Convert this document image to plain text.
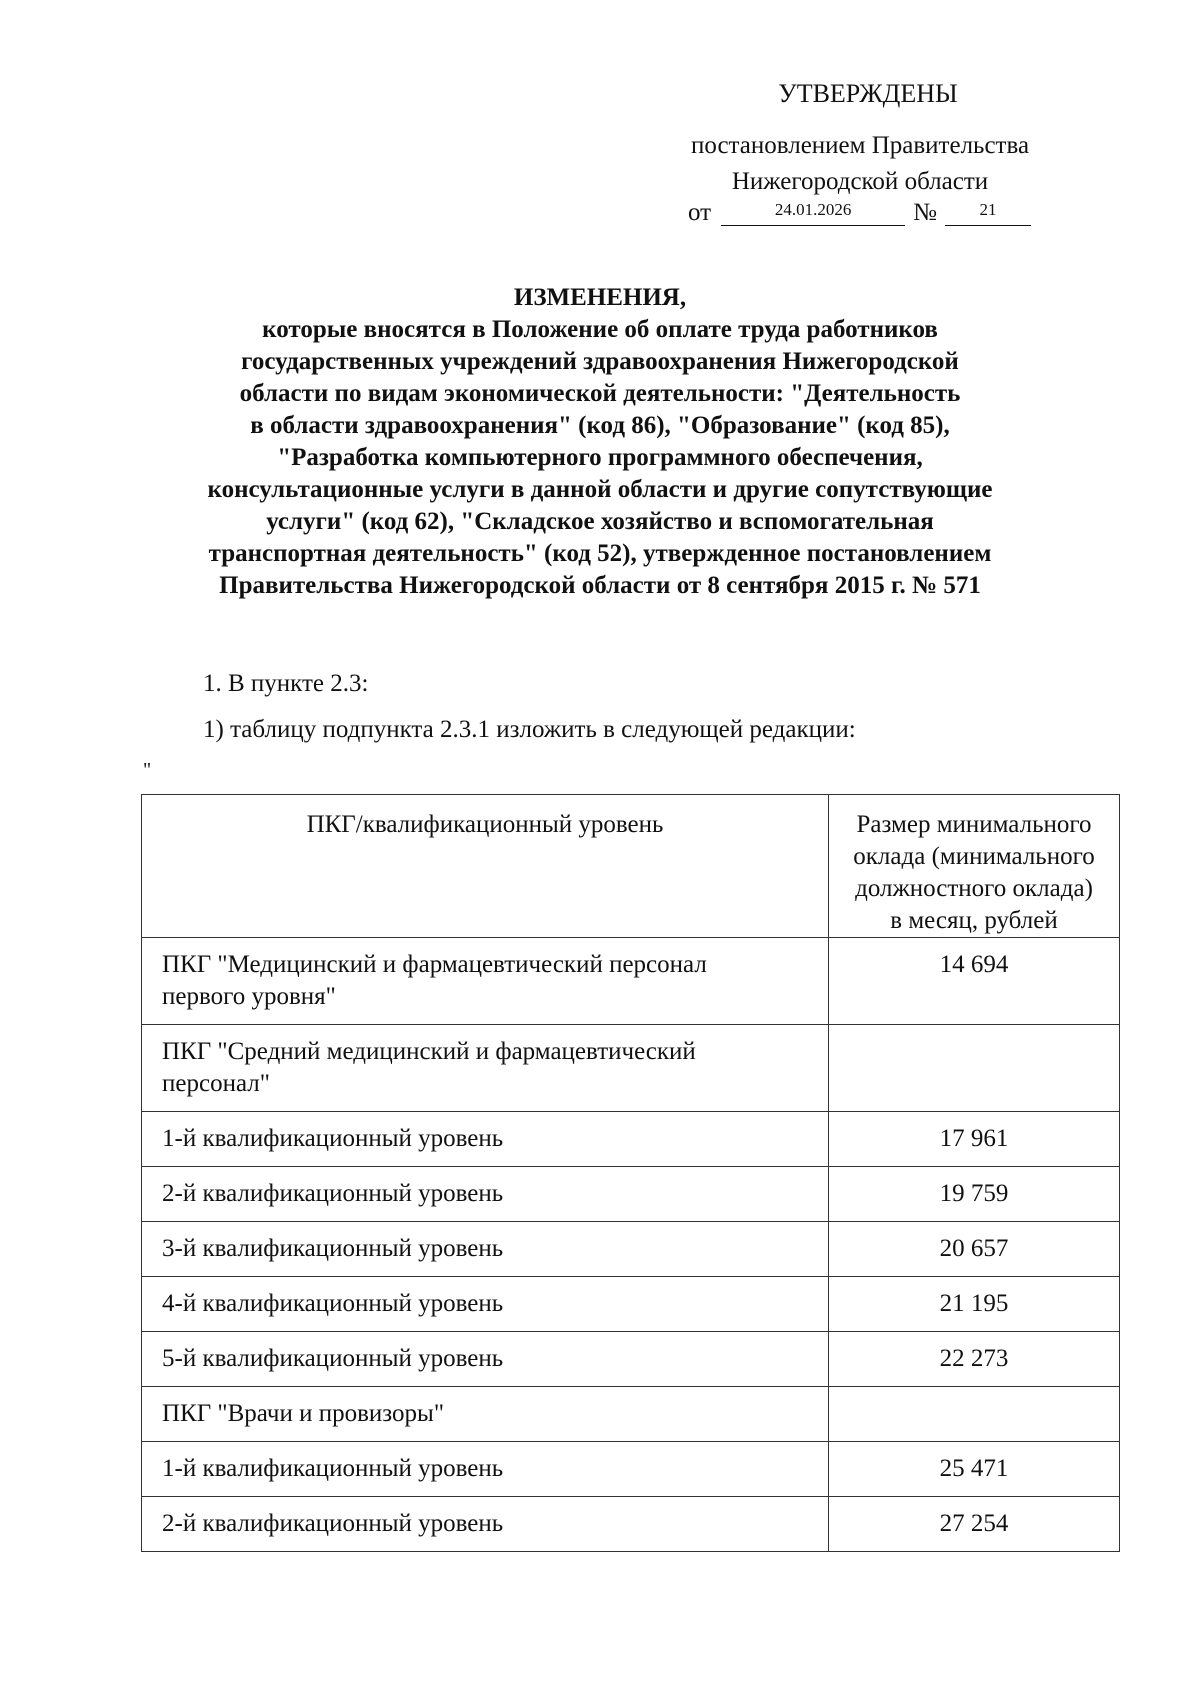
УТВЕРЖДЕНЫ
постановлением Правительства
Нижегородской области
от	24.01.2026 №	21
ИЗМЕНЕНИЯ,
которые вносятся в Положение об оплате труда работников
государственных учреждений здравоохранения Нижегородской
области по видам экономической деятельности: "Деятельность
в области здравоохранения" (код 86), "Образование" (код 85),
"Разработка компьютерного программного обеспечения,
консультационные услуги в данной области и другие сопутствующие
услуги" (код 62), "Складское хозяйство и вспомогательная
транспортная деятельность" (код 52), утвержденное постановлением
Правительства Нижегородской области от 8 сентября 2015 г. № 571
1. В пункте 2.3:
1) таблицу подпункта 2.3.1 изложить в следующей редакции:
"
ПКГ/квалификационный уровень	Размер минимального
оклада (минимального
должностного оклада)
в месяц, рублей

ПКГ "Медицинский и фармацевтический персонал
первого уровня"	14 694

ПКГ "Средний медицинский и фармацевтический
персонал"	

1-й квалификационный уровень	17 961
2-й квалификационный уровень	19 759
3-й квалификационный уровень	20 657
4-й квалификационный уровень	21 195
5-й квалификационный уровень	22 273
ПКГ "Врачи и провизоры"	
1-й квалификационный уровень	25 471
2-й квалификационный уровень	27 254
